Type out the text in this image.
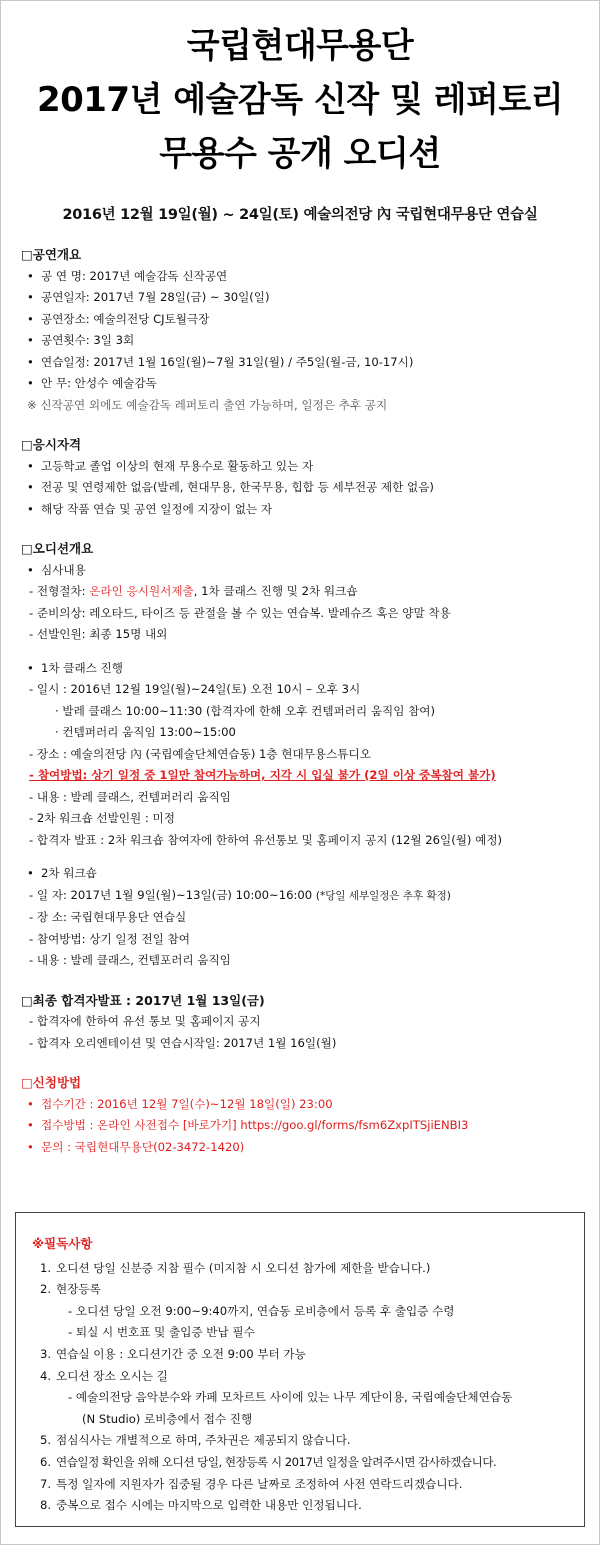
국립현대무용단
2017년 예술감독 신작 및 레퍼토리
무용수 공개 오디션
2016년 12월 19일(월) ~ 24일(토) 예술의전당 內 국립현대무용단 연습실
□공연개요
• 공 연 명: 2017년 예술감독 신작공연
• 공연일자: 2017년 7월 28일(금) ~ 30일(일)
• 공연장소: 예술의전당 CJ토월극장
• 공연횟수: 3일 3회
• 연습일정: 2017년 1월 16일(월)~7월 31일(월) / 주5일(월-금, 10-17시)
• 안 무: 안성수 예술감독
※ 신작공연 외에도 예술감독 레퍼토리 출연 가능하며, 일정은 추후 공지
□응시자격
• 고등학교 졸업 이상의 현재 무용수로 활동하고 있는 자
• 전공 및 연령제한 없음(발레, 현대무용, 한국무용, 힙합 등 세부전공 제한 없음)
• 해당 작품 연습 및 공연 일정에 지장이 없는 자
□오디션개요
• 심사내용
- 전형절차: 온라인 응시원서제출, 1차 클래스 진행 및 2차 워크숍
- 준비의상: 레오타드, 타이즈 등 관절을 볼 수 있는 연습복. 발레슈즈 혹은 양말 착용
- 선발인원: 최종 15명 내외
• 1차 클래스 진행
- 일시 : 2016년 12월 19일(월)~24일(토) 오전 10시 – 오후 3시
· 발레 클래스 10:00~11:30 (합격자에 한해 오후 컨템퍼러리 움직임 참여)
· 컨템퍼러리 움직임 13:00~15:00
- 장소 : 예술의전당 內 (국립예술단체연습동) 1층 현대무용스튜디오
- 참여방법: 상기 일정 중 1일만 참여가능하며, 지각 시 입실 불가 (2일 이상 중복참여 불가)
- 내용 : 발레 클래스, 컨템퍼러리 움직임
- 2차 워크숍 선발인원 : 미정
- 합격자 발표 : 2차 워크숍 참여자에 한하여 유선통보 및 홈페이지 공지 (12월 26일(월) 예정)
• 2차 워크숍
- 일 자: 2017년 1월 9일(월)~13일(금) 10:00~16:00 (*당일 세부일정은 추후 확정)
- 장 소: 국립현대무용단 연습실
- 참여방법: 상기 일정 전일 참여
- 내용 : 발레 클래스, 컨템포러리 움직임
□최종 합격자발표 : 2017년 1월 13일(금)
- 합격자에 한하여 유선 통보 및 홈페이지 공지
- 합격자 오리엔테이션 및 연습시작일: 2017년 1월 16일(월)
□신청방법
• 접수기간 : 2016년 12월 7일(수)~12월 18일(일) 23:00
• 접수방법 : 온라인 사전접수 [바로가기] https://goo.gl/forms/fsm6ZxpITSjiENBI3
• 문의 : 국립현대무용단(02-3472-1420)
※필독사항
1. 오디션 당일 신분증 지참 필수 (미지참 시 오디션 참가에 제한을 받습니다.)
2. 현장등록
- 오디션 당일 오전 9:00~9:40까지, 연습동 로비층에서 등록 후 출입증 수령
- 퇴실 시 번호표 및 출입증 반납 필수
3. 연습실 이용 : 오디션기간 중 오전 9:00 부터 가능
4. 오디션 장소 오시는 길
- 예술의전당 음악분수와 카페 모차르트 사이에 있는 나무 계단이용, 국립예술단체연습동
(N Studio) 로비층에서 접수 진행
5. 점심식사는 개별적으로 하며, 주차권은 제공되지 않습니다.
6. 연습일정 확인을 위해 오디션 당일, 현장등록 시 2017년 일정을 알려주시면 감사하겠습니다.
7. 특정 일자에 지원자가 집중될 경우 다른 날짜로 조정하여 사전 연락드리겠습니다.
8. 중복으로 접수 시에는 마지막으로 입력한 내용만 인정됩니다.
